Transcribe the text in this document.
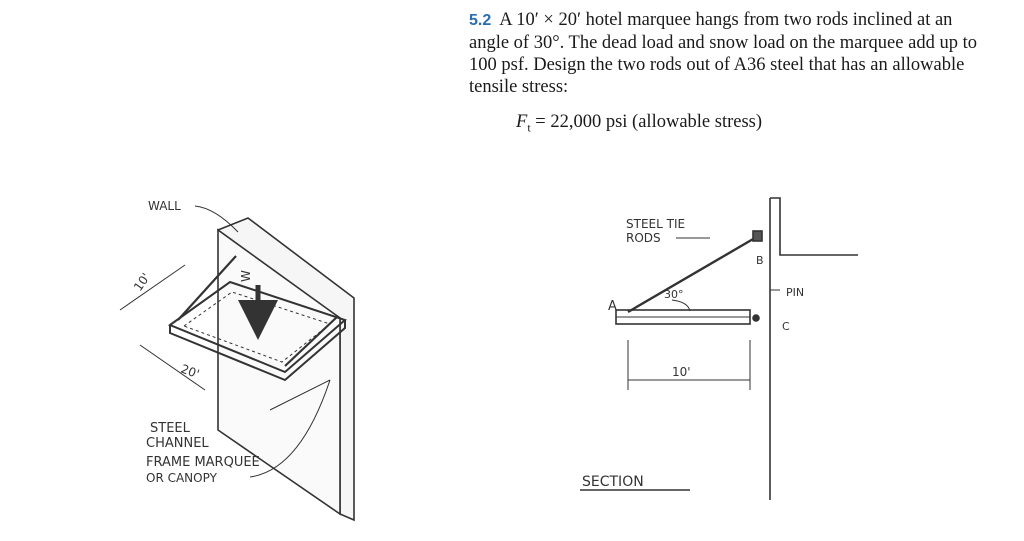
5.2 A 10′ × 20′ hotel marquee hangs from two rods inclined at an angle of 30°. The dead load and snow load on the marquee add up to 100 psf. Design the two rods out of A36 steel that has an allowable tensile stress:

$F_t = 22,000$ psi (allowable stress)
WALL
10'
20'
W
STEEL
CHANNEL
FRAME MARQUEE
OR CANOPY
STEEL TIE
RODS
A
B
C
30°	PIN
10'
SECTION
